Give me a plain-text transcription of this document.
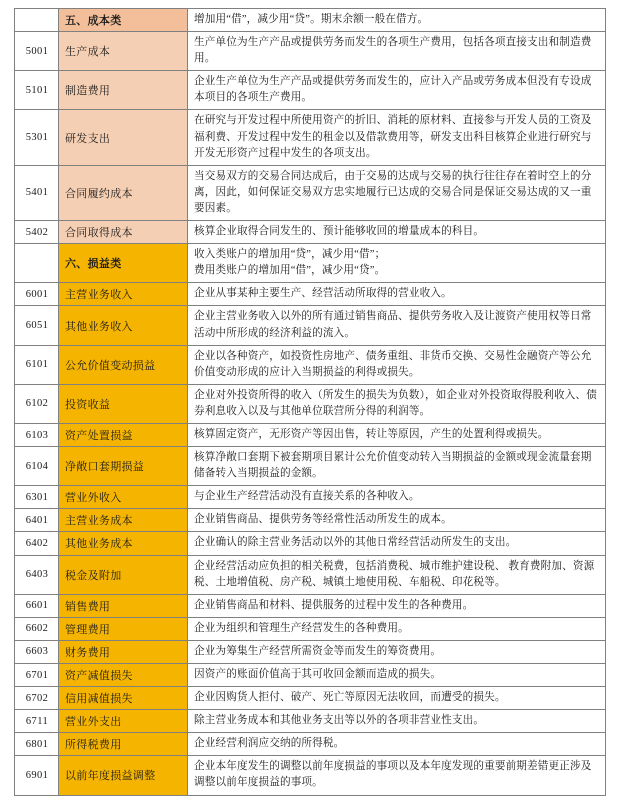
	五、成本类	增加用“借”，减少用“贷”。期末余额一般在借方。

5001	生产成本	生产单位为生产产品或提供劳务而发生的各项生产费用，包括各项直接支出和制造费用。

5101	制造费用	企业生产单位为生产产品或提供劳务而发生的，应计入产品或劳务成本但没有专设成本项目的各项生产费用。

5301	研发支出	在研究与开发过程中所使用资产的折旧、消耗的原材料、直接参与开发人员的工资及福利费、开发过程中发生的租金以及借款费用等，研发支出科目核算企业进行研究与开发无形资产过程中发生的各项支出。

5401	合同履约成本	当交易双方的交易合同达成后，由于交易的达成与交易的执行往往存在着时空上的分离，因此，如何保证交易双方忠实地履行已达成的交易合同是保证交易达成的又一重要因素。

5402	合同取得成本	核算企业取得合同发生的、预计能够收回的增量成本的科目。

	六、损益类	收入类账户的增加用“贷”，减少用“借”；

费用类账户的增加用“借”，减少用“贷”。

6001	主营业务收入	企业从事某种主要生产、经营活动所取得的营业收入。

6051	其他业务收入	企业主营业务收入以外的所有通过销售商品、提供劳务收入及让渡资产使用权等日常活动中所形成的经济利益的流入。

6101	公允价值变动损益	企业以各种资产，如投资性房地产、债务重组、非货币交换、交易性金融资产等公允价值变动形成的应计入当期损益的利得或损失。

6102	投资收益	企业对外投资所得的收入（所发生的损失为负数），如企业对外投资取得股利收入、债券利息收入以及与其他单位联营所分得的利润等。

6103	资产处置损益	核算固定资产，无形资产等因出售，转让等原因，产生的处置利得或损失。

6104	净敞口套期损益	核算净敞口套期下被套期项目累计公允价值变动转入当期损益的金额或现金流量套期储备转入当期损益的金额。

6301	营业外收入	与企业生产经营活动没有直接关系的各种收入。

6401	主营业务成本	企业销售商品、提供劳务等经常性活动所发生的成本。

6402	其他业务成本	企业确认的除主营业务活动以外的其他日常经营活动所发生的支出。

6403	税金及附加	企业经营活动应负担的相关税费，包括消费税、城市维护建设税、 教育费附加、资源税、土地增值税、房产税、城镇土地使用税、车船税、印花税等。

6601	销售费用	企业销售商品和材料、提供服务的过程中发生的各种费用。

6602	管理费用	企业为组织和管理生产经营发生的各种费用。

6603	财务费用	企业为筹集生产经营所需资金等而发生的筹资费用。

6701	资产减值损失	因资产的账面价值高于其可收回金额而造成的损失。

6702	信用减值损失	企业因购货人拒付、破产、死亡等原因无法收回，而遭受的损失。

6711	营业外支出	除主营业务成本和其他业务支出等以外的各项非营业性支出。

6801	所得税费用	企业经营利润应交纳的所得税。

6901	以前年度损益调整	企业本年度发生的调整以前年度损益的事项以及本年度发现的重要前期差错更正涉及调整以前年度损益的事项。
